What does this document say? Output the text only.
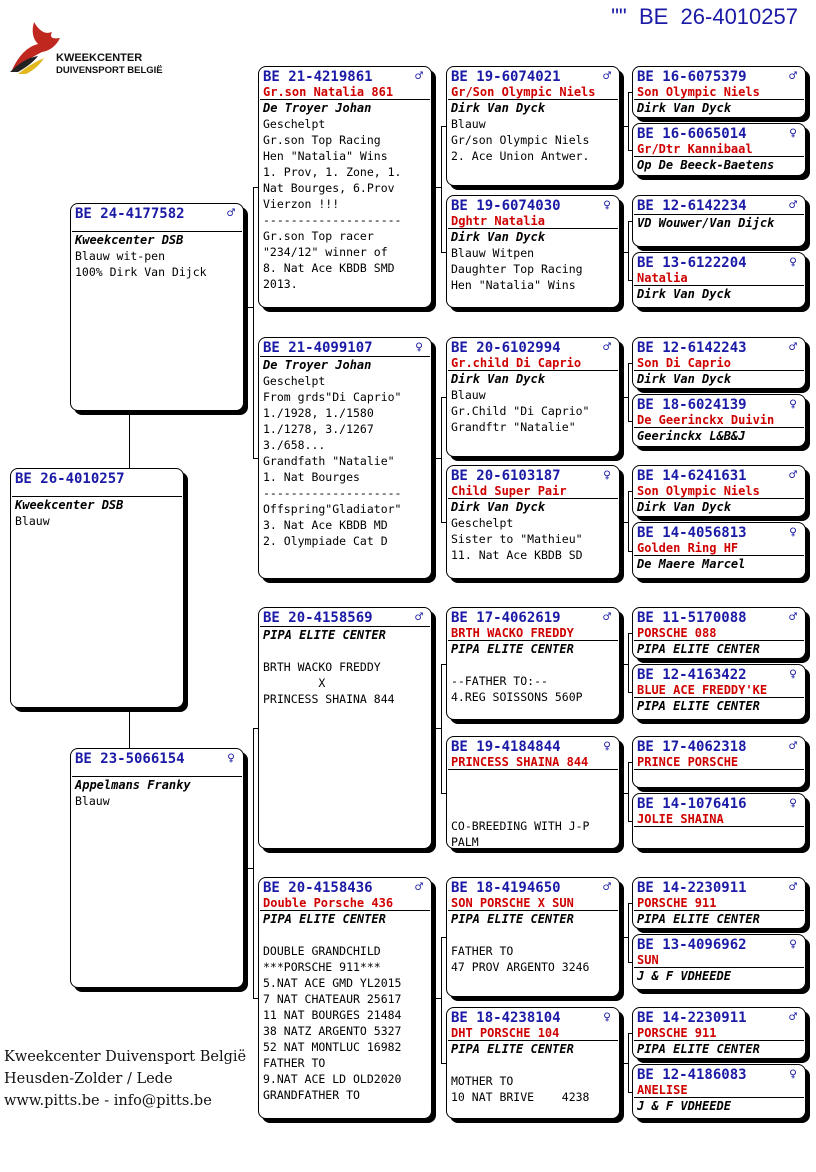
""  BE  26-4010257
KWEEKCENTER
DUIVENSPORT BELGIË
BE 26-4010257
Kweekcenter DSB
Blauw
BE 24-4177582	♂
Kweekcenter DSB
Blauw wit-pen
100% Dirk Van Dijck
BE 23-5066154	♀
Appelmans Franky
Blauw
BE 21-4219861	♂
Gr.son Natalia 861
De Troyer Johan
Geschelpt
Gr.son Top Racing
Hen "Natalia" Wins
1. Prov, 1. Zone, 1.
Nat Bourges, 6.Prov
Vierzon !!!
--------------------
Gr.son Top racer
"234/12" winner of
8. Nat Ace KBDB SMD
2013.
BE 21-4099107	♀
De Troyer Johan
Geschelpt
From grds"Di Caprio"
1./1928, 1./1580
1./1278, 3./1267
3./658...
Grandfath "Natalie"
1. Nat Bourges
--------------------
Offspring"Gladiator"
3. Nat Ace KBDB MD
2. Olympiade Cat D
BE 20-4158569	♂
PIPA ELITE CENTER
BRTH WACKO FREDDY
X
PRINCESS SHAINA 844
BE 20-4158436	♂
Double Porsche 436
PIPA ELITE CENTER
DOUBLE GRANDCHILD
***PORSCHE 911***
5.NAT ACE GMD YL2015
7 NAT CHATEAUR 25617
11 NAT BOURGES 21484
38 NATZ ARGENTO 5327
52 NAT MONTLUC 16982
FATHER TO
9.NAT ACE LD OLD2020
GRANDFATHER TO
BE 19-6074021	♂
Gr/Son Olympic Niels
Dirk Van Dyck
Blauw
Gr/son Olympic Niels
2. Ace Union Antwer.
BE 19-6074030	♀
Dghtr Natalia
Dirk Van Dyck
Blauw Witpen
Daughter Top Racing
Hen "Natalia" Wins
BE 20-6102994	♂
Gr.child Di Caprio
Dirk Van Dyck
Blauw
Gr.Child "Di Caprio"
Grandftr "Natalie"
BE 20-6103187	♀
Child Super Pair
Dirk Van Dyck
Geschelpt
Sister to "Mathieu"
11. Nat Ace KBDB SD
BE 17-4062619	♂
BRTH WACKO FREDDY
PIPA ELITE CENTER
--FATHER TO:--
4.REG SOISSONS 560P
BE 19-4184844	♀
PRINCESS SHAINA 844
CO-BREEDING WITH J-P
PALM
BE 18-4194650	♂
SON PORSCHE X SUN
PIPA ELITE CENTER
FATHER TO
47 PROV ARGENTO 3246
BE 18-4238104	♀
DHT PORSCHE 104
PIPA ELITE CENTER
MOTHER TO
10 NAT BRIVE    4238
BE 16-6075379	♂
Son Olympic Niels
Dirk Van Dyck
BE 16-6065014	♀
Gr/Dtr Kannibaal
Op De Beeck-Baetens
BE 12-6142234	♂
VD Wouwer/Van Dijck
BE 13-6122204	♀
Natalia
Dirk Van Dyck
BE 12-6142243	♂
Son Di Caprio
Dirk Van Dyck
BE 18-6024139	♀
De Geerinckx Duivin
Geerinckx L&B&J
BE 14-6241631	♂
Son Olympic Niels
Dirk Van Dyck
BE 14-4056813	♀
Golden Ring HF
De Maere Marcel
BE 11-5170088	♂
PORSCHE 088
PIPA ELITE CENTER
BE 12-4163422	♀
BLUE ACE FREDDY'KE
PIPA ELITE CENTER
BE 17-4062318	♂
PRINCE PORSCHE
BE 14-1076416	♀
JOLIE SHAINA
BE 14-2230911	♂
PORSCHE 911
PIPA ELITE CENTER
BE 13-4096962	♀
SUN
J & F VDHEEDE
BE 14-2230911	♂
PORSCHE 911
PIPA ELITE CENTER
BE 12-4186083	♀
ANELISE
J & F VDHEEDE
Kweekcenter Duivensport België
Heusden-Zolder / Lede
www.pitts.be - info@pitts.be
